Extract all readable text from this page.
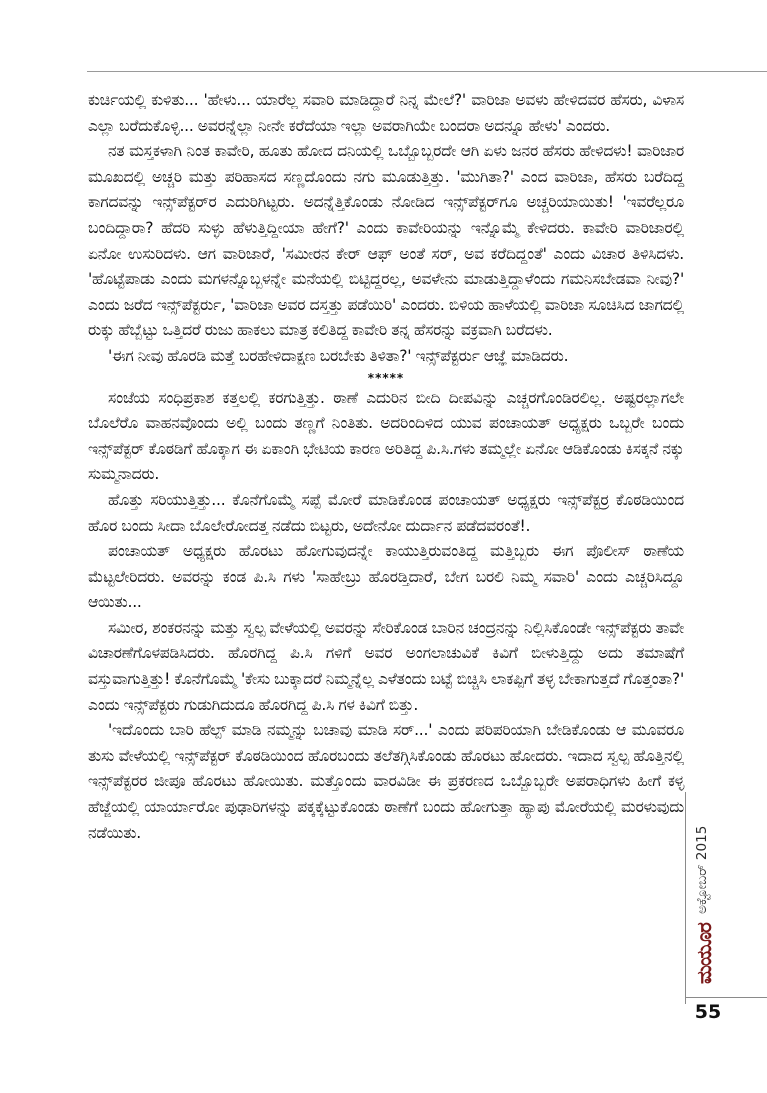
ಕುರ್ಚಿಯಲ್ಲಿ ಕುಳಿತು... 'ಹೇಳು... ಯಾರೆಲ್ಲ ಸವಾರಿ ಮಾಡಿದ್ದಾರೆ ನಿನ್ನ ಮೇಲೆ?' ವಾರಿಜಾ ಅವಳು ಹೇಳಿದವರ ಹೆಸರು, ವಿಳಾಸ ಎಲ್ಲಾ ಬರೆದುಕೊಳ್ಳಿ... ಅವರನ್ನೆಲ್ಲಾ ನೀನೇ ಕರೆದೆಯಾ ಇಲ್ಲಾ ಅವರಾಗಿಯೇ ಬಂದರಾ ಅದನ್ನೂ ಹೇಳು' ಎಂದರು.

ನತ ಮಸ್ತಕಳಾಗಿ ನಿಂತ ಕಾವೇರಿ, ಹೂತು ಹೋದ ದನಿಯಲ್ಲಿ ಒಬ್ಬೊಬ್ಬರದೇ ಆಗಿ ಏಳು ಜನರ ಹೆಸರು ಹೇಳಿದಳು! ವಾರಿಜಾರ ಮೂಖದಲ್ಲಿ ಅಚ್ಚರಿ ಮತ್ತು ಪರಿಹಾಸದ ಸಣ್ಣದೊಂದು ನಗು ಮೂಡುತ್ತಿತ್ತು. 'ಮುಗಿತಾ?' ಎಂದ ವಾರಿಜಾ, ಹೆಸರು ಬರೆದಿದ್ದ ಕಾಗದವನ್ನು ಇನ್ಸ್‌ಪೆಕ್ಟರ್‌ರ ಎದುರಿಗಿಟ್ಟರು. ಅದನ್ನೆತ್ತಿಕೊಂಡು ನೋಡಿದ ಇನ್ಸ್‌ಪೆಕ್ಟರ್‌ಗೂ ಅಚ್ಚರಿಯಾಯಿತು! 'ಇವರೆಲ್ಲರೂ ಬಂದಿದ್ದಾರಾ? ಹೆದರಿ ಸುಳ್ಳು ಹೆಳುತ್ತಿದ್ದೀಯಾ ಹೇಗೆ?' ಎಂದು ಕಾವೇರಿಯನ್ನು ಇನ್ನೊಮ್ಮೆ ಕೇಳಿದರು. ಕಾವೇರಿ ವಾರಿಜಾರಲ್ಲಿ ಏನೋ ಉಸುರಿದಳು. ಆಗ ವಾರಿಜಾರೆ, 'ಸಮೀರನ ಕೇರ್ ಆಫ್ ಅಂತೆ ಸರ್, ಅವ ಕರೆದಿದ್ದಂತೆ' ಎಂದು ವಿಚಾರ ತಿಳಿಸಿದಳು. 'ಹೊಟ್ಟೆಪಾಡು ಎಂದು ಮಗಳನ್ನೊಬ್ಬಳನ್ನೇ ಮನೆಯಲ್ಲಿ ಬಿಟ್ಟಿದ್ದರಲ್ಲ, ಅವಳೇನು ಮಾಡುತ್ತಿದ್ದಾಳೆಂದು ಗಮನಿಸಬೇಡವಾ ನೀವು?' ಎಂದು ಜರೆದ ಇನ್ಸ್‌ಪೆಕ್ಟರ್ರು, 'ವಾರಿಜಾ ಅವರ ದಸ್ತತ್ತು ಪಡೆಯಿರಿ' ಎಂದರು. ಬಿಳಿಯ ಹಾಳೆಯಲ್ಲಿ ವಾರಿಜಾ ಸೂಚಿಸಿದ ಜಾಗದಲ್ಲಿ ರುಕ್ಕು ಹೆಬ್ಬೆಟ್ಟು ಒತ್ತಿದರೆ ರುಜು ಹಾಕಲು ಮಾತ್ರ ಕಲಿತಿದ್ದ ಕಾವೇರಿ ತನ್ನ ಹೆಸರನ್ನು ವಕ್ರವಾಗಿ ಬರೆದಳು.

'ಈಗ ನೀವು ಹೊರಡಿ ಮತ್ತೆ ಬರಹೇಳಿದಾಕ್ಷಣ ಬರಬೇಕು ತಿಳಿತಾ?' ಇನ್ಸ್‌ಪೆಕ್ಟರ್ರು ಆಜ್ಞೆ ಮಾಡಿದರು.

*****

ಸಂಜೆಯ ಸಂಧಿಪ್ರಕಾಶ ಕತ್ತಲಲ್ಲಿ ಕರಗುತ್ತಿತ್ತು. ಠಾಣೆ ಎದುರಿನ ಬೀದಿ ದೀಪವಿನ್ನು ಎಚ್ಚರಗೊಂಡಿರಲಿಲ್ಲ. ಅಷ್ಟರಲ್ಲಾಗಲೇ ಬೊಲೆರೊ ವಾಹನವೊಂದು ಅಲ್ಲಿ ಬಂದು ತಣ್ಣಗೆ ನಿಂತಿತು. ಅದರಿಂದಿಳಿದ ಯುವ ಪಂಚಾಯತ್ ಅಧ್ಯಕ್ಷರು ಒಬ್ಬರೇ ಬಂದು ಇನ್ಸ್‌ಪೆಕ್ಟರ್ ಕೊಠಡಿಗೆ ಹೊಕ್ಕಾಗ ಈ ಏಕಾಂಗಿ ಭೇಟಿಯ ಕಾರಣ ಅರಿತಿದ್ದ ಪಿ.ಸಿ.ಗಳು ತಮ್ಮಲ್ಲೇ ಏನೋ ಆಡಿಕೊಂಡು ಕಿಸಕ್ಕನೆ ನಕ್ಕು ಸುಮ್ಮನಾದರು.

ಹೊತ್ತು ಸರಿಯುತ್ತಿತ್ತು... ಕೊನೆಗೊಮ್ಮೆ ಸಪ್ಪೆ ಮೋರೆ ಮಾಡಿಕೊಂಡ ಪಂಚಾಯತ್ ಅಧ್ಯಕ್ಷರು ಇನ್ಸ್‌ಪೆಕ್ಟರ್ರ ಕೊಠಡಿಯಿಂದ ಹೊರ ಬಂದು ಸೀದಾ ಬೊಲೇರೋದತ್ತ ನಡೆದು ಬಿಟ್ಟರು, ಅದೇನೋ ದುರ್ದಾನ ಪಡೆದವರಂತೆ!.

ಪಂಚಾಯತ್ ಅಧ್ಯಕ್ಷರು ಹೊರಟು ಹೋಗುವುದನ್ನೇ ಕಾಯುತ್ತಿರುವಂತಿದ್ದ ಮತ್ತಿಬ್ಬರು ಈಗ ಪೊಲೀಸ್ ಠಾಣೆಯ ಮೆಟ್ಟಲೇರಿದರು. ಅವರನ್ನು ಕಂಡ ಪಿ.ಸಿ ಗಳು 'ಸಾಹೇಬ್ರು ಹೊರಡ್ತಿದಾರೆ, ಬೇಗ ಬರಲಿ ನಿಮ್ಮ ಸವಾರಿ' ಎಂದು ಎಚ್ಚರಿಸಿದ್ದೂ ಆಯಿತು...

ಸಮೀರ, ಶಂಕರನನ್ನು ಮತ್ತು ಸ್ವಲ್ಪ ವೇಳೆಯಲ್ಲಿ ಅವರನ್ನು ಸೇರಿಕೊಂಡ ಬಾರಿನ ಚಂದ್ರನನ್ನು ನಿಲ್ಲಿಸಿಕೊಂಡೇ ಇನ್ಸ್‌ಪೆಕ್ಟರು ತಾವೇ ವಿಚಾರಣೆಗೊಳಪಡಿಸಿದರು. ಹೊರಗಿದ್ದ ಪಿ.ಸಿ ಗಳಿಗೆ ಅವರ ಅಂಗಲಾಚುವಿಕೆ ಕಿವಿಗೆ ಬೀಳುತ್ತಿದ್ದು ಅದು ತಮಾಷೆಗೆ ವಸ್ತುವಾಗುತ್ತಿತ್ತು! ಕೊನೆಗೊಮ್ಮೆ 'ಕೇಸು ಬುಕ್ಕಾದರೆ ನಿಮ್ಮನ್ನೆಲ್ಲ ಎಳೆತಂದು ಬಟ್ಟೆ ಬಿಚ್ಚಿಸಿ ಲಾಕಪ್ಪಿಗೆ ತಳ್ಳ ಬೇಕಾಗುತ್ತದೆ ಗೊತ್ತಂತಾ?' ಎಂದು ಇನ್ಸ್‌ಪೆಕ್ಟರು ಗುಡುಗಿದುದೂ ಹೊರಗಿದ್ದ ಪಿ.ಸಿ ಗಳ ಕಿವಿಗೆ ಬಿತ್ತು.

'ಇದೊಂದು ಬಾರಿ ಹೆಲ್ಪ್ ಮಾಡಿ ನಮ್ಮನ್ನು ಬಚಾವು ಮಾಡಿ ಸರ್...' ಎಂದು ಪರಿಪರಿಯಾಗಿ ಬೇಡಿಕೊಂಡು ಆ ಮೂವರೂ ತುಸು ವೇಳೆಯಲ್ಲಿ ಇನ್ಸ್‌ಪೆಕ್ಟರ್ ಕೊಠಡಿಯಿಂದ ಹೊರಬಂದು ತಲೆತಗ್ಗಿಸಿಕೊಂಡು ಹೊರಟು ಹೋದರು. ಇದಾದ ಸ್ವಲ್ಪ ಹೊತ್ತಿನಲ್ಲಿ ಇನ್ಸ್‌ಪೆಕ್ಟರರ ಜೀಪೂ ಹೊರಟು ಹೋಯಿತು. ಮತ್ತೊಂದು ವಾರವಿಡೀ ಈ ಪ್ರಕರಣದ ಒಬ್ಬೊಬ್ಬರೇ ಅಪರಾಧಿಗಳು ಹೀಗೆ ಕಳ್ಳ ಹೆಜ್ಜೆಯಲ್ಲಿ ಯಾರ್ಯಾರೋ ಪುಢಾರಿಗಳನ್ನು ಪಕ್ಕಕ್ಕೆಟ್ಟುಕೊಂಡು ಠಾಣೆಗೆ ಬಂದು ಹೋಗುತ್ತಾ ಹ್ಯಾಪು ಮೋರೆಯಲ್ಲಿ ಮರಳುವುದು ನಡೆಯಿತು.	ಅಕ್ಟೋಬರ್ 2015
ಮಯೂರ
55
